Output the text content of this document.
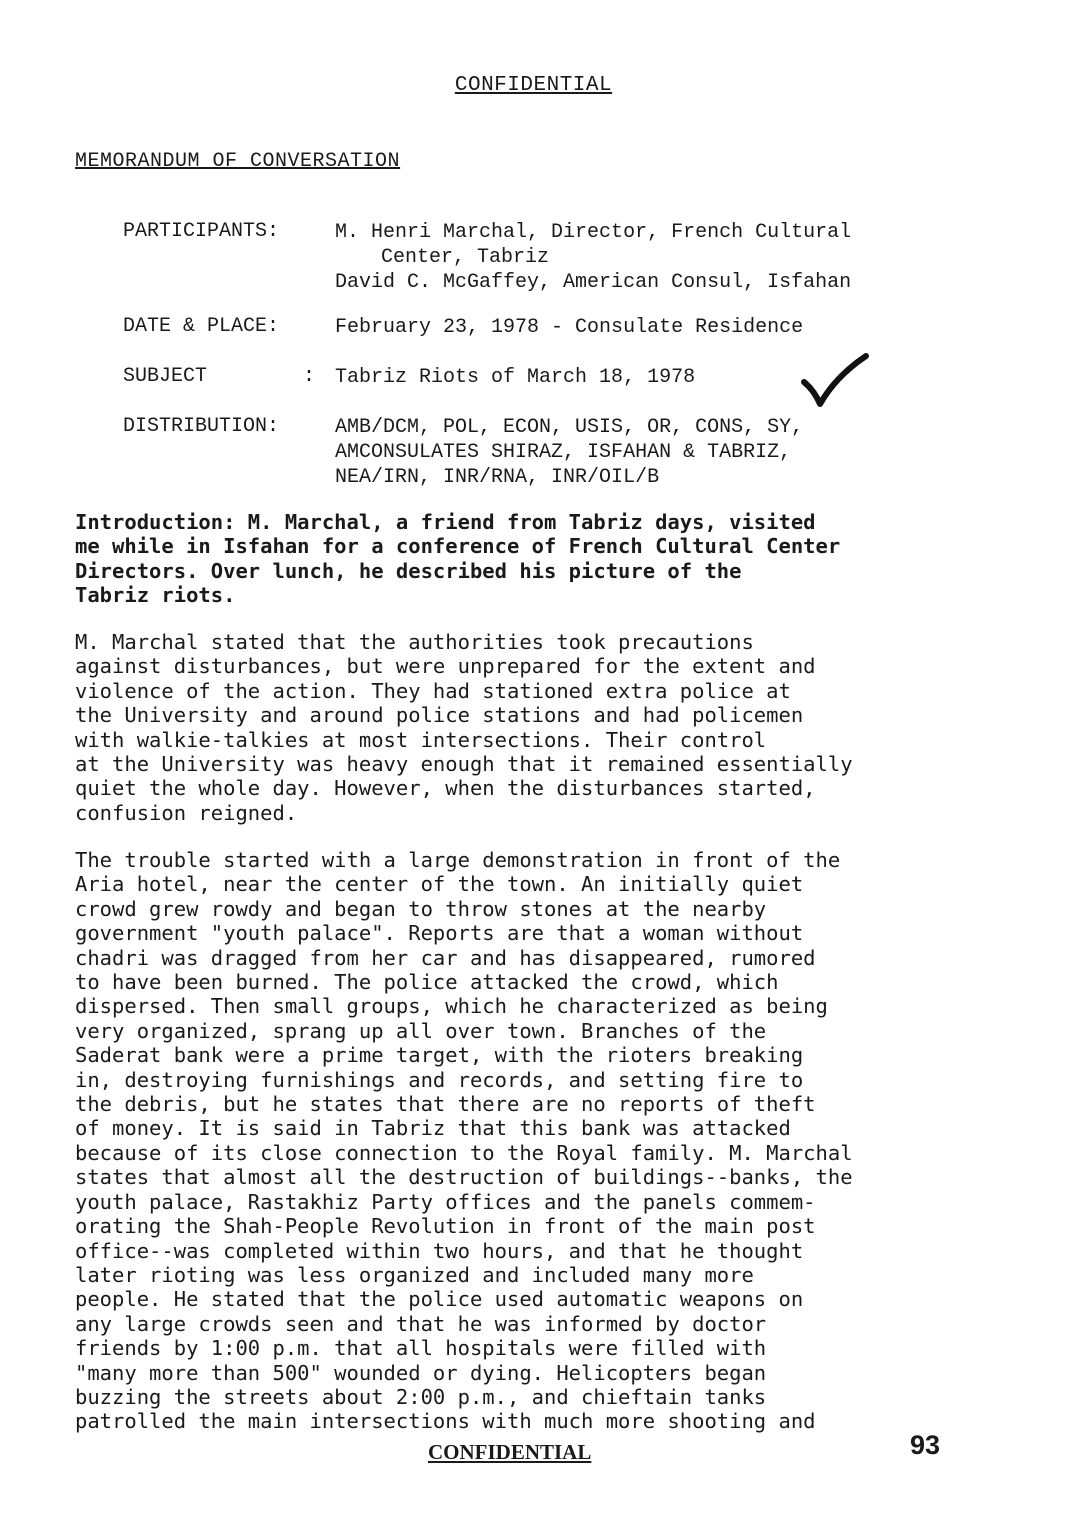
CONFIDENTIAL
MEMORANDUM OF CONVERSATION

PARTICIPANTS:	M. Henri Marchal, Director, French Cultural
Center, Tabriz
David C. McGaffey, American Consul, Isfahan

DATE & PLACE:	February 23, 1978 - Consulate Residence

SUBJECT	: Tabriz Riots of March 18, 1978

DISTRIBUTION:	AMB/DCM, POL, ECON, USIS, OR, CONS, SY,
AMCONSULATES SHIRAZ, ISFAHAN & TABRIZ,
NEA/IRN, INR/RNA, INR/OIL/B

Introduction: M. Marchal, a friend from Tabriz days, visited
me while in Isfahan for a conference of French Cultural Center
Directors. Over lunch, he described his picture of the
Tabriz riots.
M. Marchal stated that the authorities took precautions
against disturbances, but were unprepared for the extent and
violence of the action. They had stationed extra police at
the University and around police stations and had policemen
with walkie-talkies at most intersections. Their control
at the University was heavy enough that it remained essentially
quiet the whole day. However, when the disturbances started,
confusion reigned.
The trouble started with a large demonstration in front of the
Aria hotel, near the center of the town. An initially quiet
crowd grew rowdy and began to throw stones at the nearby
government "youth palace". Reports are that a woman without
chadri was dragged from her car and has disappeared, rumored
to have been burned. The police attacked the crowd, which
dispersed. Then small groups, which he characterized as being
very organized, sprang up all over town. Branches of the
Saderat bank were a prime target, with the rioters breaking
in, destroying furnishings and records, and setting fire to
the debris, but he states that there are no reports of theft
of money. It is said in Tabriz that this bank was attacked
because of its close connection to the Royal family. M. Marchal
states that almost all the destruction of buildings--banks, the
youth palace, Rastakhiz Party offices and the panels commem-
orating the Shah-People Revolution in front of the main post
office--was completed within two hours, and that he thought
later rioting was less organized and included many more
people. He stated that the police used automatic weapons on
any large crowds seen and that he was informed by doctor
friends by 1:00 p.m. that all hospitals were filled with
"many more than 500" wounded or dying. Helicopters began
buzzing the streets about 2:00 p.m., and chieftain tanks
patrolled the main intersections with much more shooting and
CONFIDENTIAL	93
